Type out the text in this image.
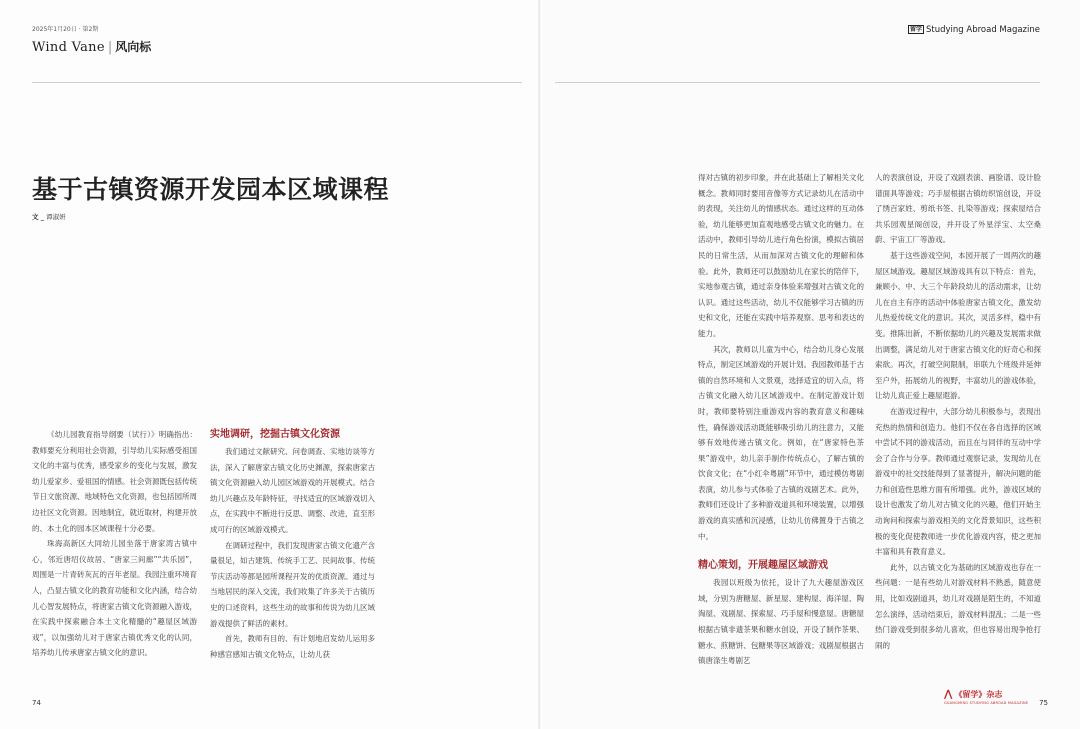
2025年1月20日 · 第2期
Wind Vane | 风向标
基于古镇资源开发园本区域课程
文 _ 谭淑妍

《幼儿园教育指导纲要（试行）》明确指出：教师要充分利用社会资源，引导幼儿实际感受祖国文化的丰富与优秀，感受家乡的变化与发展，激发幼儿爱家乡、爱祖国的情感。社会资源既包括传统节日文旅资源、地域特色文化资源，也包括园所周边社区文化资源。因地制宜，就近取材，构建开放的、本土化的园本区域课程十分必要。

珠海高新区大同幼儿园坐落于唐家湾古镇中心，邻近唐绍仪故居、“唐家三间廊”“共乐园”，周围是一片青砖灰瓦的百年老屋。我园注重环境育人，凸显古镇文化的教育功能和文化内涵，结合幼儿心智发展特点，将唐家古镇文化资源融入游戏，在实践中探索融合本土文化精髓的“趣屋区域游戏”，以加强幼儿对于唐家古镇优秀文化的认同，培养幼儿传承唐家古镇文化的意识。

实地调研，挖掘古镇文化资源

我们通过文献研究、问卷调查、实地访谈等方法，深入了解唐家古镇文化历史渊源，探索唐家古镇文化资源融入幼儿园区域游戏的开展模式。结合幼儿兴趣点及年龄特征，寻找适宜的区域游戏切入点，在实践中不断进行反思、调整、改进，直至形成可行的区域游戏模式。

在调研过程中，我们发现唐家古镇文化遗产含量很足，如古建筑、传统手工艺、民间故事、传统节庆活动等都是园所课程开发的优质资源。通过与当地居民的深入交流，我们收集了许多关于古镇历史的口述资料，这些生动的故事和传说为幼儿区域游戏提供了鲜活的素材。

首先，教师有目的、有计划地启发幼儿运用多种感官感知古镇文化特点，让幼儿获

74
留学 Studying Abroad Magazine

得对古镇的初步印象，并在此基础上了解相关文化概念。教师同时要用音像等方式记录幼儿在活动中的表现，关注幼儿的情感状态。通过这样的互动体验，幼儿能够更加直观地感受古镇文化的魅力。在活动中，教师引导幼儿进行角色扮演，模拟古镇居民的日常生活，从而加深对古镇文化的理解和体验。此外，教师还可以鼓励幼儿在家长的陪伴下，实地参观古镇，通过亲身体验来增强对古镇文化的认识。通过这些活动，幼儿不仅能够学习古镇的历史和文化，还能在实践中培养观察、思考和表达的能力。

其次，教师以儿童为中心，结合幼儿身心发展特点，制定区域游戏的开展计划。我园教师基于古镇的自然环境和人文景观，选择适宜的切入点，将古镇文化融入幼儿区域游戏中。在制定游戏计划时，教师要特别注重游戏内容的教育意义和趣味性，确保游戏活动既能够吸引幼儿的注意力，又能够有效地传递古镇文化。例如，在“唐家特色茶果”游戏中，幼儿亲手制作传统点心，了解古镇的饮食文化；在“小红伞粤剧”环节中，通过模仿粤剧表演，幼儿参与式体验了古镇的戏剧艺术。此外，教师们还设计了多种游戏道具和环境装置，以增强游戏的真实感和沉浸感，让幼儿仿佛置身于古镇之中。

精心策划，开展趣屋区域游戏

我园以班级为依托，设计了九大趣屋游戏区域，分别为唐糖屋、新星屋、建构屋、海洋屋、陶淘屋、戏剧屋、探索屋、巧手屋和慢意屋。唐糖屋根据古镇非遗茶果和糖水创设，开设了制作茶果、糖水、煎糖饼、包糖果等区域游戏；戏剧屋根据古镇唐涤生粤剧艺

人的表演创设，开设了戏剧表演、画脸谱、设计脸谱面具等游戏；巧手屋根据古镇纺织馆创设，开设了绣百家姓、剪纸书签、扎染等游戏；探索屋结合共乐园观星阁创设，并开设了外星浮宝、太空桑蔚、宇宙工厂等游戏。

基于这些游戏空间，本园开展了一周两次的趣屋区域游戏。趣屋区域游戏具有以下特点：首先，兼顾小、中、大三个年龄段幼儿的活动需求，让幼儿在自主有序的活动中体验唐家古镇文化，激发幼儿热爱传统文化的意识。其次，灵活多样，稳中有变。推陈出新，不断依据幼儿的兴趣及发展需求做出调整，满足幼儿对于唐家古镇文化的好奇心和探索欲。再次，打破空间限制，串联九个班级并延伸至户外，拓展幼儿的视野，丰富幼儿的游戏体验，让幼儿真正爱上趣屋遐游。

在游戏过程中，大部分幼儿积极参与，表现出充热的热情和创造力。他们不仅在各自选择的区域中尝试不同的游戏活动，而且在与同伴的互动中学会了合作与分享。教师通过观察记录，发现幼儿在游戏中的社交技能得到了显著提升，解决问题的能力和创造性思维方面有所增强。此外，游戏区域的设计也激发了幼儿对古镇文化的兴趣，他们开始主动询问和探索与游戏相关的文化背景知识，这些积极的变化促使教师进一步优化游戏内容，使之更加丰富和具有教育意义。

此外，以古镇文化为基础的区域游戏也存在一些问题：一是有些幼儿对游戏材料不熟悉，随意使用，比如戏剧道具，幼儿对戏剧是陌生的，不知道怎么演绎，活动结束后，游戏材料混乱；二是一些热门游戏受到很多幼儿喜欢，但也容易出现争抢打闹的

⋀ 《留学》杂志
GUANGMING STUDYING ABROAD MAGAZINE 75
